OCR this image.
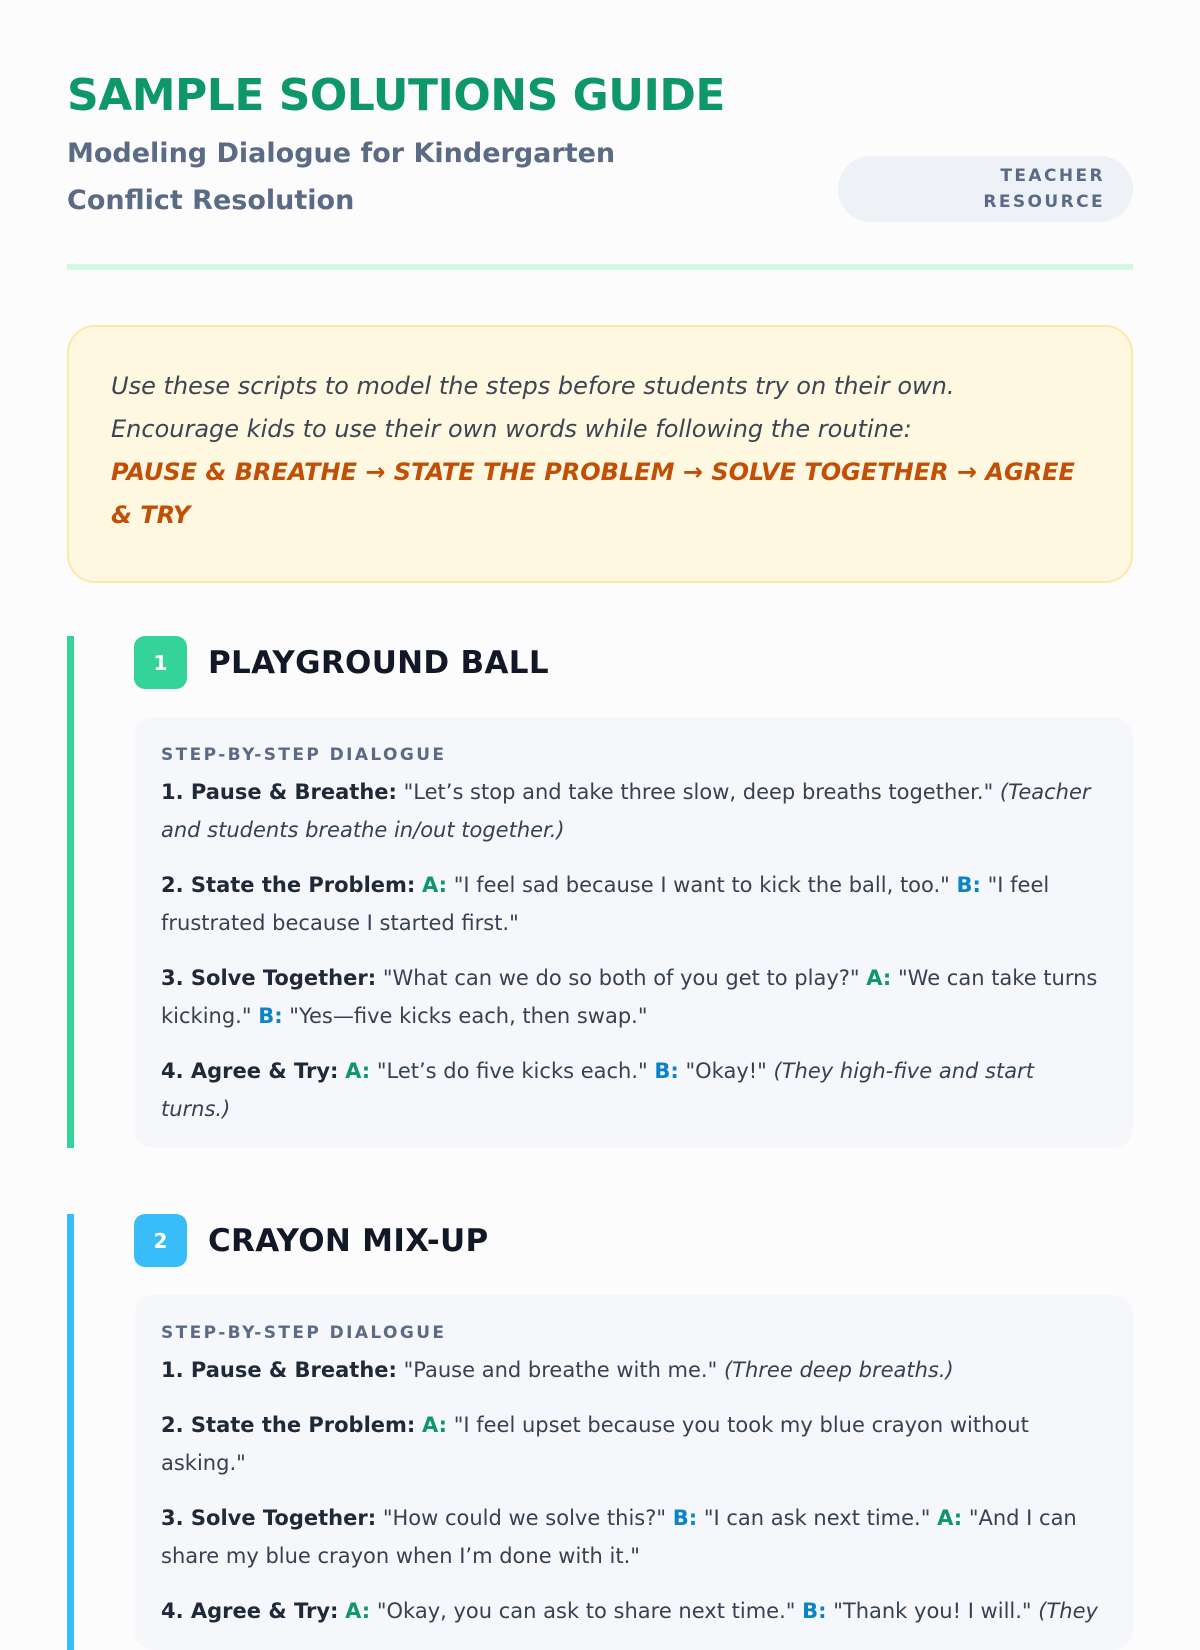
SAMPLE SOLUTIONS GUIDE
Modeling Dialogue for Kindergarten Conflict Resolution
TEACHER
RESOURCE
Use these scripts to model the steps before students try on their own. Encourage kids to use their own words while following the routine:
PAUSE & BREATHE → STATE THE PROBLEM → SOLVE TOGETHER → AGREE & TRY
1	PLAYGROUND BALL
STEP-BY-STEP DIALOGUE

1. Pause & Breathe: "Let’s stop and take three slow, deep breaths together." (Teacher and students breathe in/out together.)

2. State the Problem: A: "I feel sad because I want to kick the ball, too." B: "I feel frustrated because I started first."

3. Solve Together: "What can we do so both of you get to play?" A: "We can take turns kicking." B: "Yes—five kicks each, then swap."

4. Agree & Try: A: "Let’s do five kicks each." B: "Okay!" (They high-five and start turns.)

2	CRAYON MIX-UP
STEP-BY-STEP DIALOGUE

1. Pause & Breathe: "Pause and breathe with me." (Three deep breaths.)

2. State the Problem: A: "I feel upset because you took my blue crayon without asking."

3. Solve Together: "How could we solve this?" B: "I can ask next time." A: "And I can share my blue crayon when I’m done with it."

4. Agree & Try: A: "Okay, you can ask to share next time." B: "Thank you! I will." (They
